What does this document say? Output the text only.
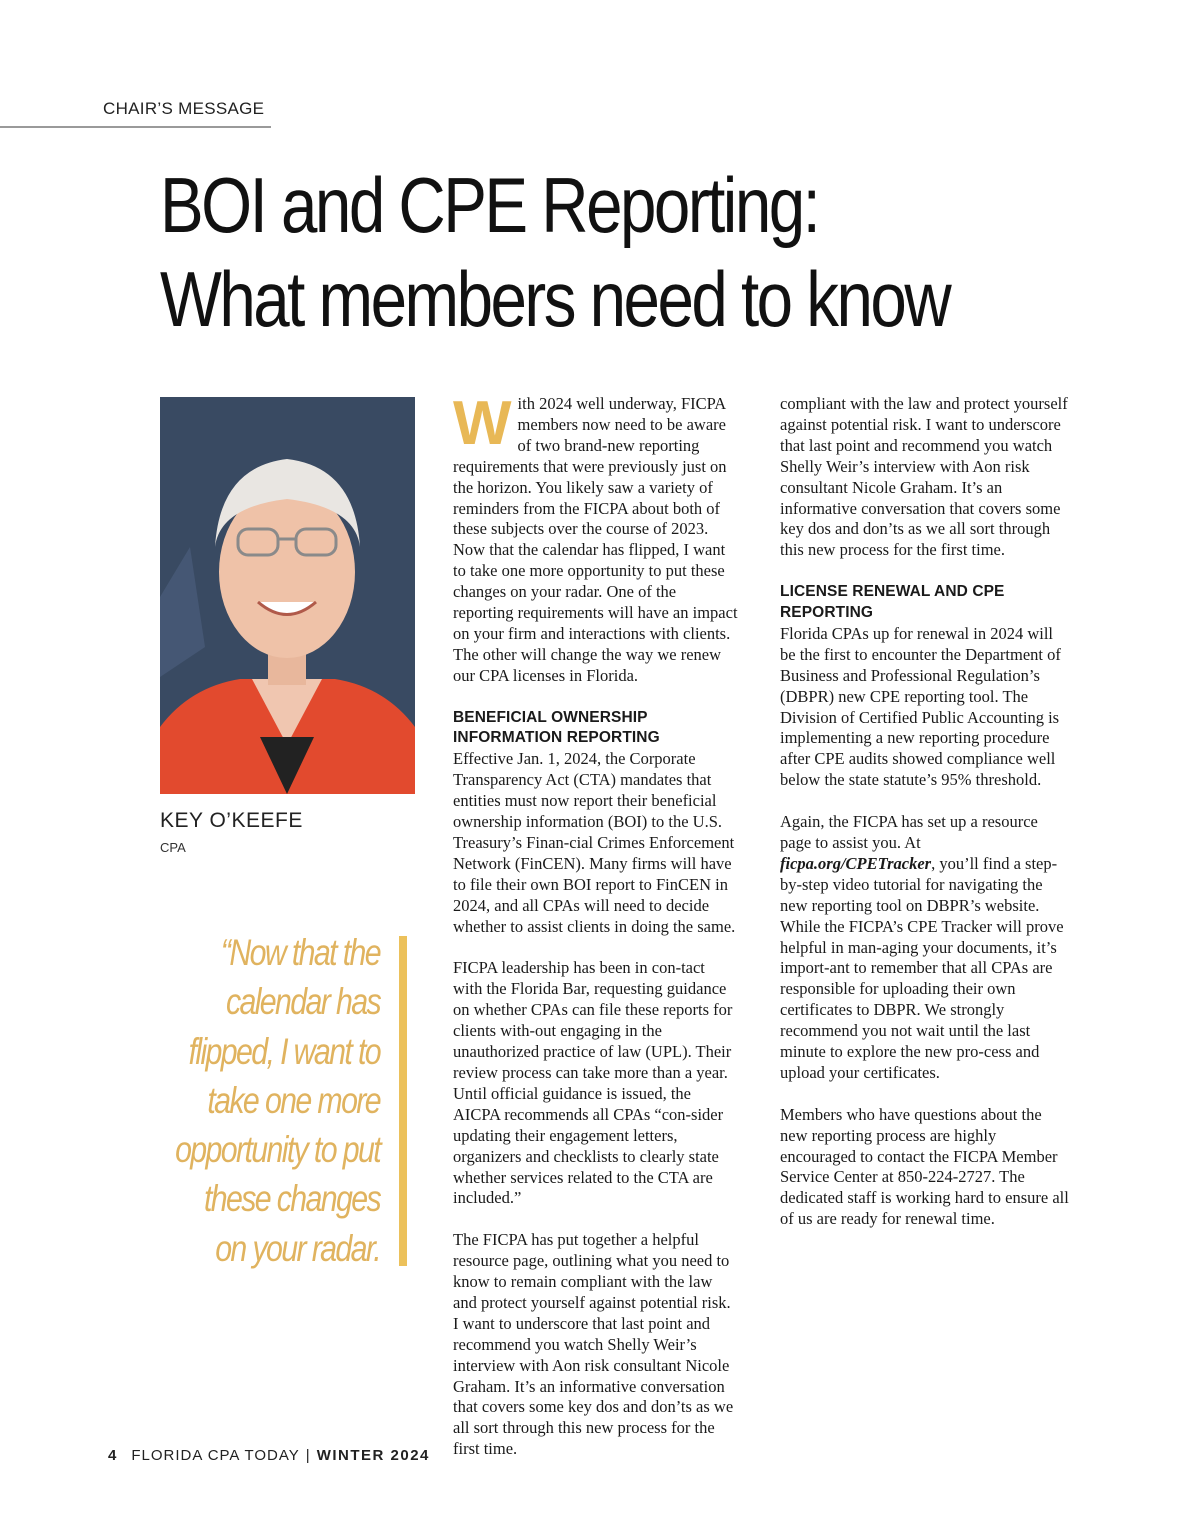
CHAIR’S MESSAGE
BOI and CPE Reporting:
What members need to know
KEY O’KEEFE
CPA
“Now that the calendar has flipped, I want to take one more opportunity to put these changes on your radar.

With 2024 well underway, FICPA members now need to be aware of two brand-new reporting requirements that were previously just on the horizon. You likely saw a variety of reminders from the FICPA about both of these subjects over the course of 2023. Now that the calendar has flipped, I want to take one more opportunity to put these changes on your radar. One of the reporting requirements will have an impact on your firm and interactions with clients. The other will change the way we renew our CPA licenses in Florida.

BENEFICIAL OWNERSHIP INFORMATION REPORTING

Effective Jan. 1, 2024, the Corporate Transparency Act (CTA) mandates that entities must now report their beneficial ownership information (BOI) to the U.S. Treasury’s Finan-cial Crimes Enforcement Network (FinCEN). Many firms will have to file their own BOI report to FinCEN in 2024, and all CPAs will need to decide whether to assist clients in doing the same.

FICPA leadership has been in con-tact with the Florida Bar, requesting guidance on whether CPAs can file these reports for clients with-out engaging in the unauthorized practice of law (UPL). Their review process can take more than a year. Until official guidance is issued, the AICPA recommends all CPAs “con-sider updating their engagement letters, organizers and checklists to clearly state whether services related to the CTA are included.”

The FICPA has put together a helpful resource page, outlining what you need to know to remain compliant with the law and protect yourself against potential risk. I want to underscore that last point and recommend you watch Shelly Weir’s interview with Aon risk consultant Nicole Graham. It’s an informative conversation that covers some key dos and don’ts as we all sort through this new process for the first time.

compliant with the law and protect yourself against potential risk. I want to underscore that last point and recommend you watch Shelly Weir’s interview with Aon risk consultant Nicole Graham. It’s an informative conversation that covers some key dos and don’ts as we all sort through this new process for the first time.

LICENSE RENEWAL AND CPE REPORTING

Florida CPAs up for renewal in 2024 will be the first to encounter the Department of Business and Professional Regulation’s (DBPR) new CPE reporting tool. The Division of Certified Public Accounting is implementing a new reporting procedure after CPE audits showed compliance well below the state statute’s 95% threshold.

Again, the FICPA has set up a resource page to assist you. At ficpa.org/CPETracker, you’ll find a step-by-step video tutorial for navigating the new reporting tool on DBPR’s website. While the FICPA’s CPE Tracker will prove helpful in man-aging your documents, it’s import-ant to remember that all CPAs are responsible for uploading their own certificates to DBPR. We strongly recommend you not wait until the last minute to explore the new pro-cess and upload your certificates.

Members who have questions about the new reporting process are highly encouraged to contact the FICPA Member Service Center at 850-224-2727. The dedicated staff is working hard to ensure all of us are ready for renewal time.

4 FLORIDA CPA TODAY | WINTER 2024
